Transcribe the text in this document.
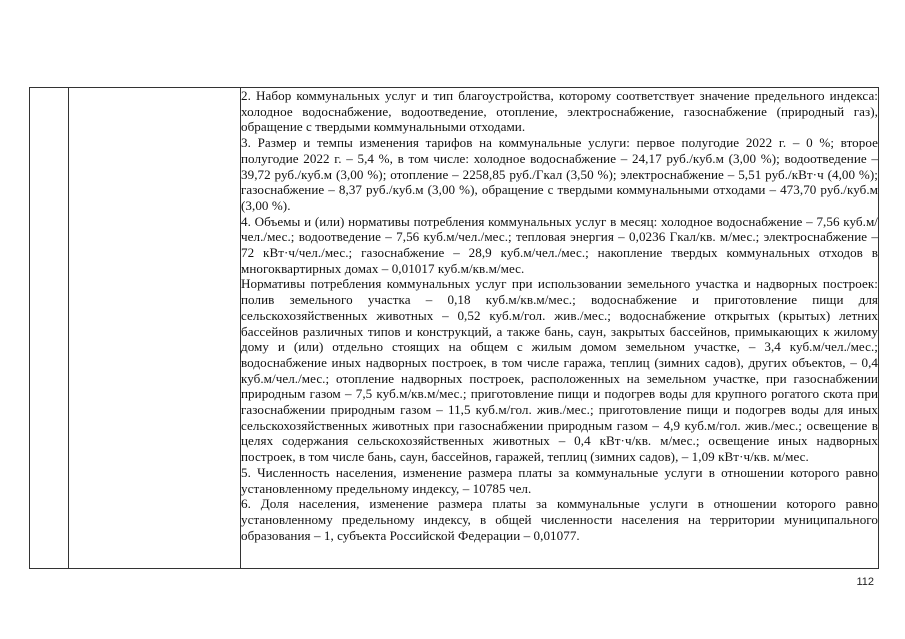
2. Набор коммунальных услуг и тип благоустройства, которому соответствует значение предельного индекса: холодное водоснабжение, водоотведение, отопление, электроснабжение, газоснабжение (природный газ), обращение с твердыми коммунальными отходами.

3. Размер и темпы изменения тарифов на коммунальные услуги: первое полугодие 2022 г. – 0 %; второе полугодие 2022 г. – 5,4 %, в том числе: холодное водоснабжение – 24,17 руб./куб.м (3,00 %); водоотведение – 39,72 руб./куб.м (3,00 %); отопление – 2258,85 руб./Гкал (3,50 %); электроснабжение – 5,51 руб./кВт·ч (4,00 %); газоснабжение – 8,37 руб./куб.м (3,00 %), обращение с твердыми коммунальными отходами – 473,70 руб./куб.м (3,00 %).

4. Объемы и (или) нормативы потребления коммунальных услуг в месяц: холодное водоснабжение – 7,56 куб.м/чел./мес.; водоотведение – 7,56 куб.м/чел./мес.; тепловая энергия – 0,0236 Гкал/кв. м/мес.; электроснабжение – 72 кВт·ч/чел./мес.; газоснабжение – 28,9 куб.м/чел./мес.; накопление твердых коммунальных отходов в многоквартирных домах – 0,01017 куб.м/кв.м/мес.

Нормативы потребления коммунальных услуг при использовании земельного участка и надворных построек: полив земельного участка – 0,18 куб.м/кв.м/мес.; водоснабжение и приготовление пищи для сельскохозяйственных животных – 0,52 куб.м/гол. жив./мес.; водоснабжение открытых (крытых) летних бассейнов различных типов и конструкций, а также бань, саун, закрытых бассейнов, примыкающих к жилому дому и (или) отдельно стоящих на общем с жилым домом земельном участке, – 3,4 куб.м/чел./мес.; водоснабжение иных надворных построек, в том числе гаража, теплиц (зимних садов), других объектов, – 0,4 куб.м/чел./мес.; отопление надворных построек, расположенных на земельном участке, при газоснабжении природным газом – 7,5 куб.м/кв.м/мес.; приготовление пищи и подогрев воды для крупного рогатого скота при газоснабжении природным газом – 11,5 куб.м/гол. жив./мес.; приготовление пищи и подогрев воды для иных сельскохозяйственных животных при газоснабжении природным газом – 4,9 куб.м/гол. жив./мес.; освещение в целях содержания сельскохозяйственных животных – 0,4 кВт·ч/кв. м/мес.; освещение иных надворных построек, в том числе бань, саун, бассейнов, гаражей, теплиц (зимних садов), – 1,09 кВт·ч/кв. м/мес.

5. Численность населения, изменение размера платы за коммунальные услуги в отношении которого равно установленному предельному индексу, – 10785 чел.

6. Доля населения, изменение размера платы за коммунальные услуги в отношении которого равно установленному предельному индексу, в общей численности населения на территории муниципального образования – 1, субъекта Российской Федерации – 0,01077.

112
